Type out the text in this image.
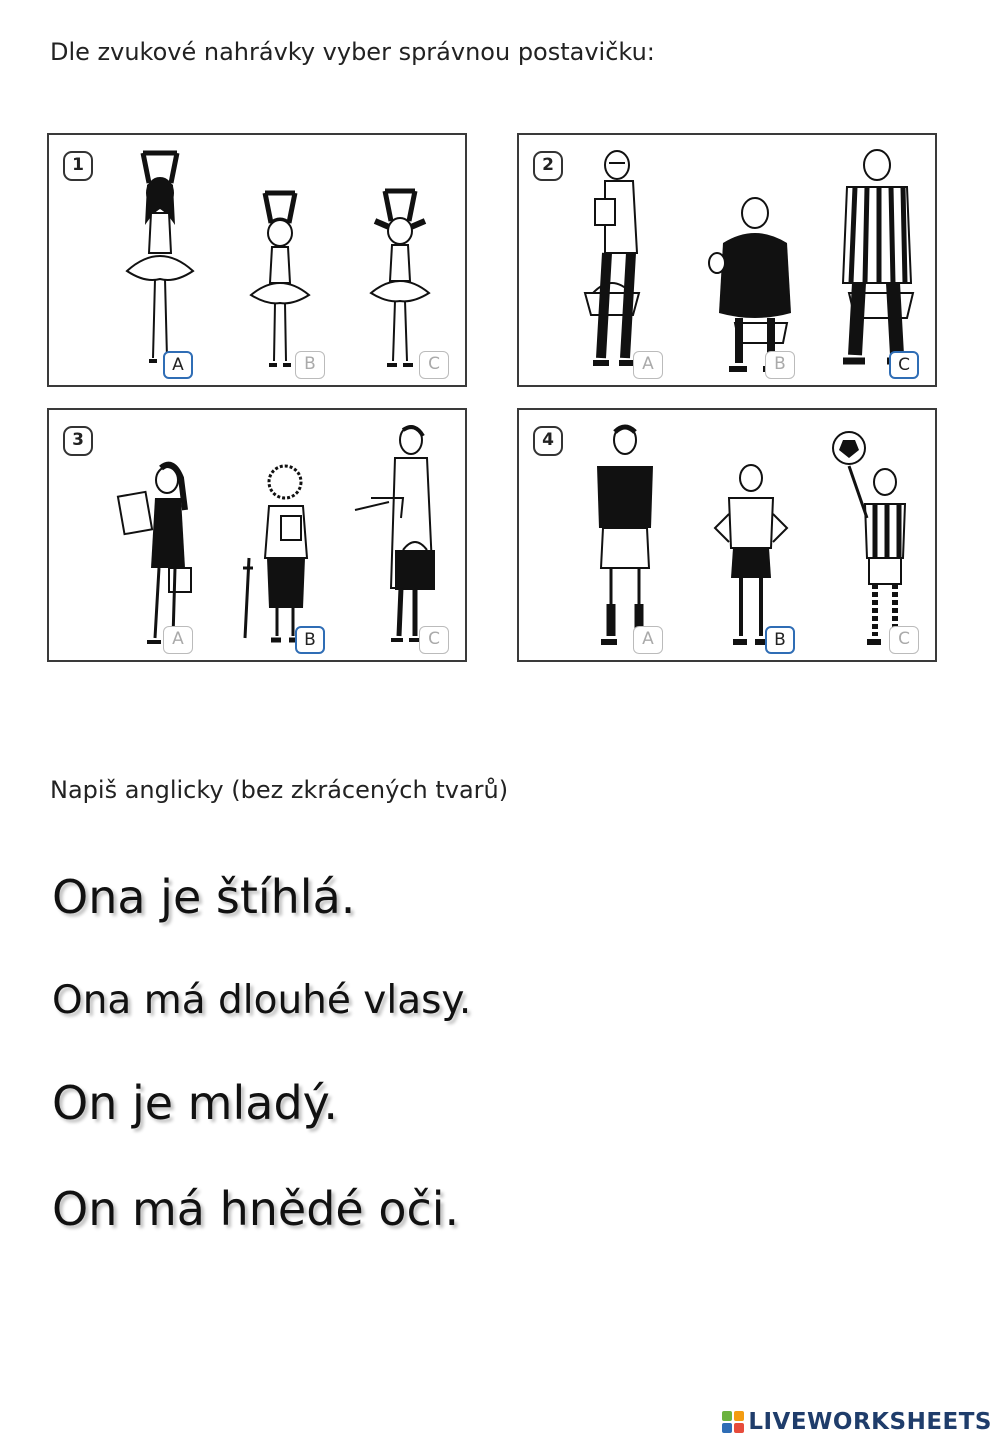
Dle zvukové nahrávky vyber správnou postavičku:
1
A	B	C
2
A	B	C
3
A	B	C
4
A	B	C
Napiš anglicky (bez zkrácených tvarů)
Ona je štíhlá.
Ona má dlouhé vlasy.
On je mladý.
On má hnědé oči.
LIVEWORKSHEETS
